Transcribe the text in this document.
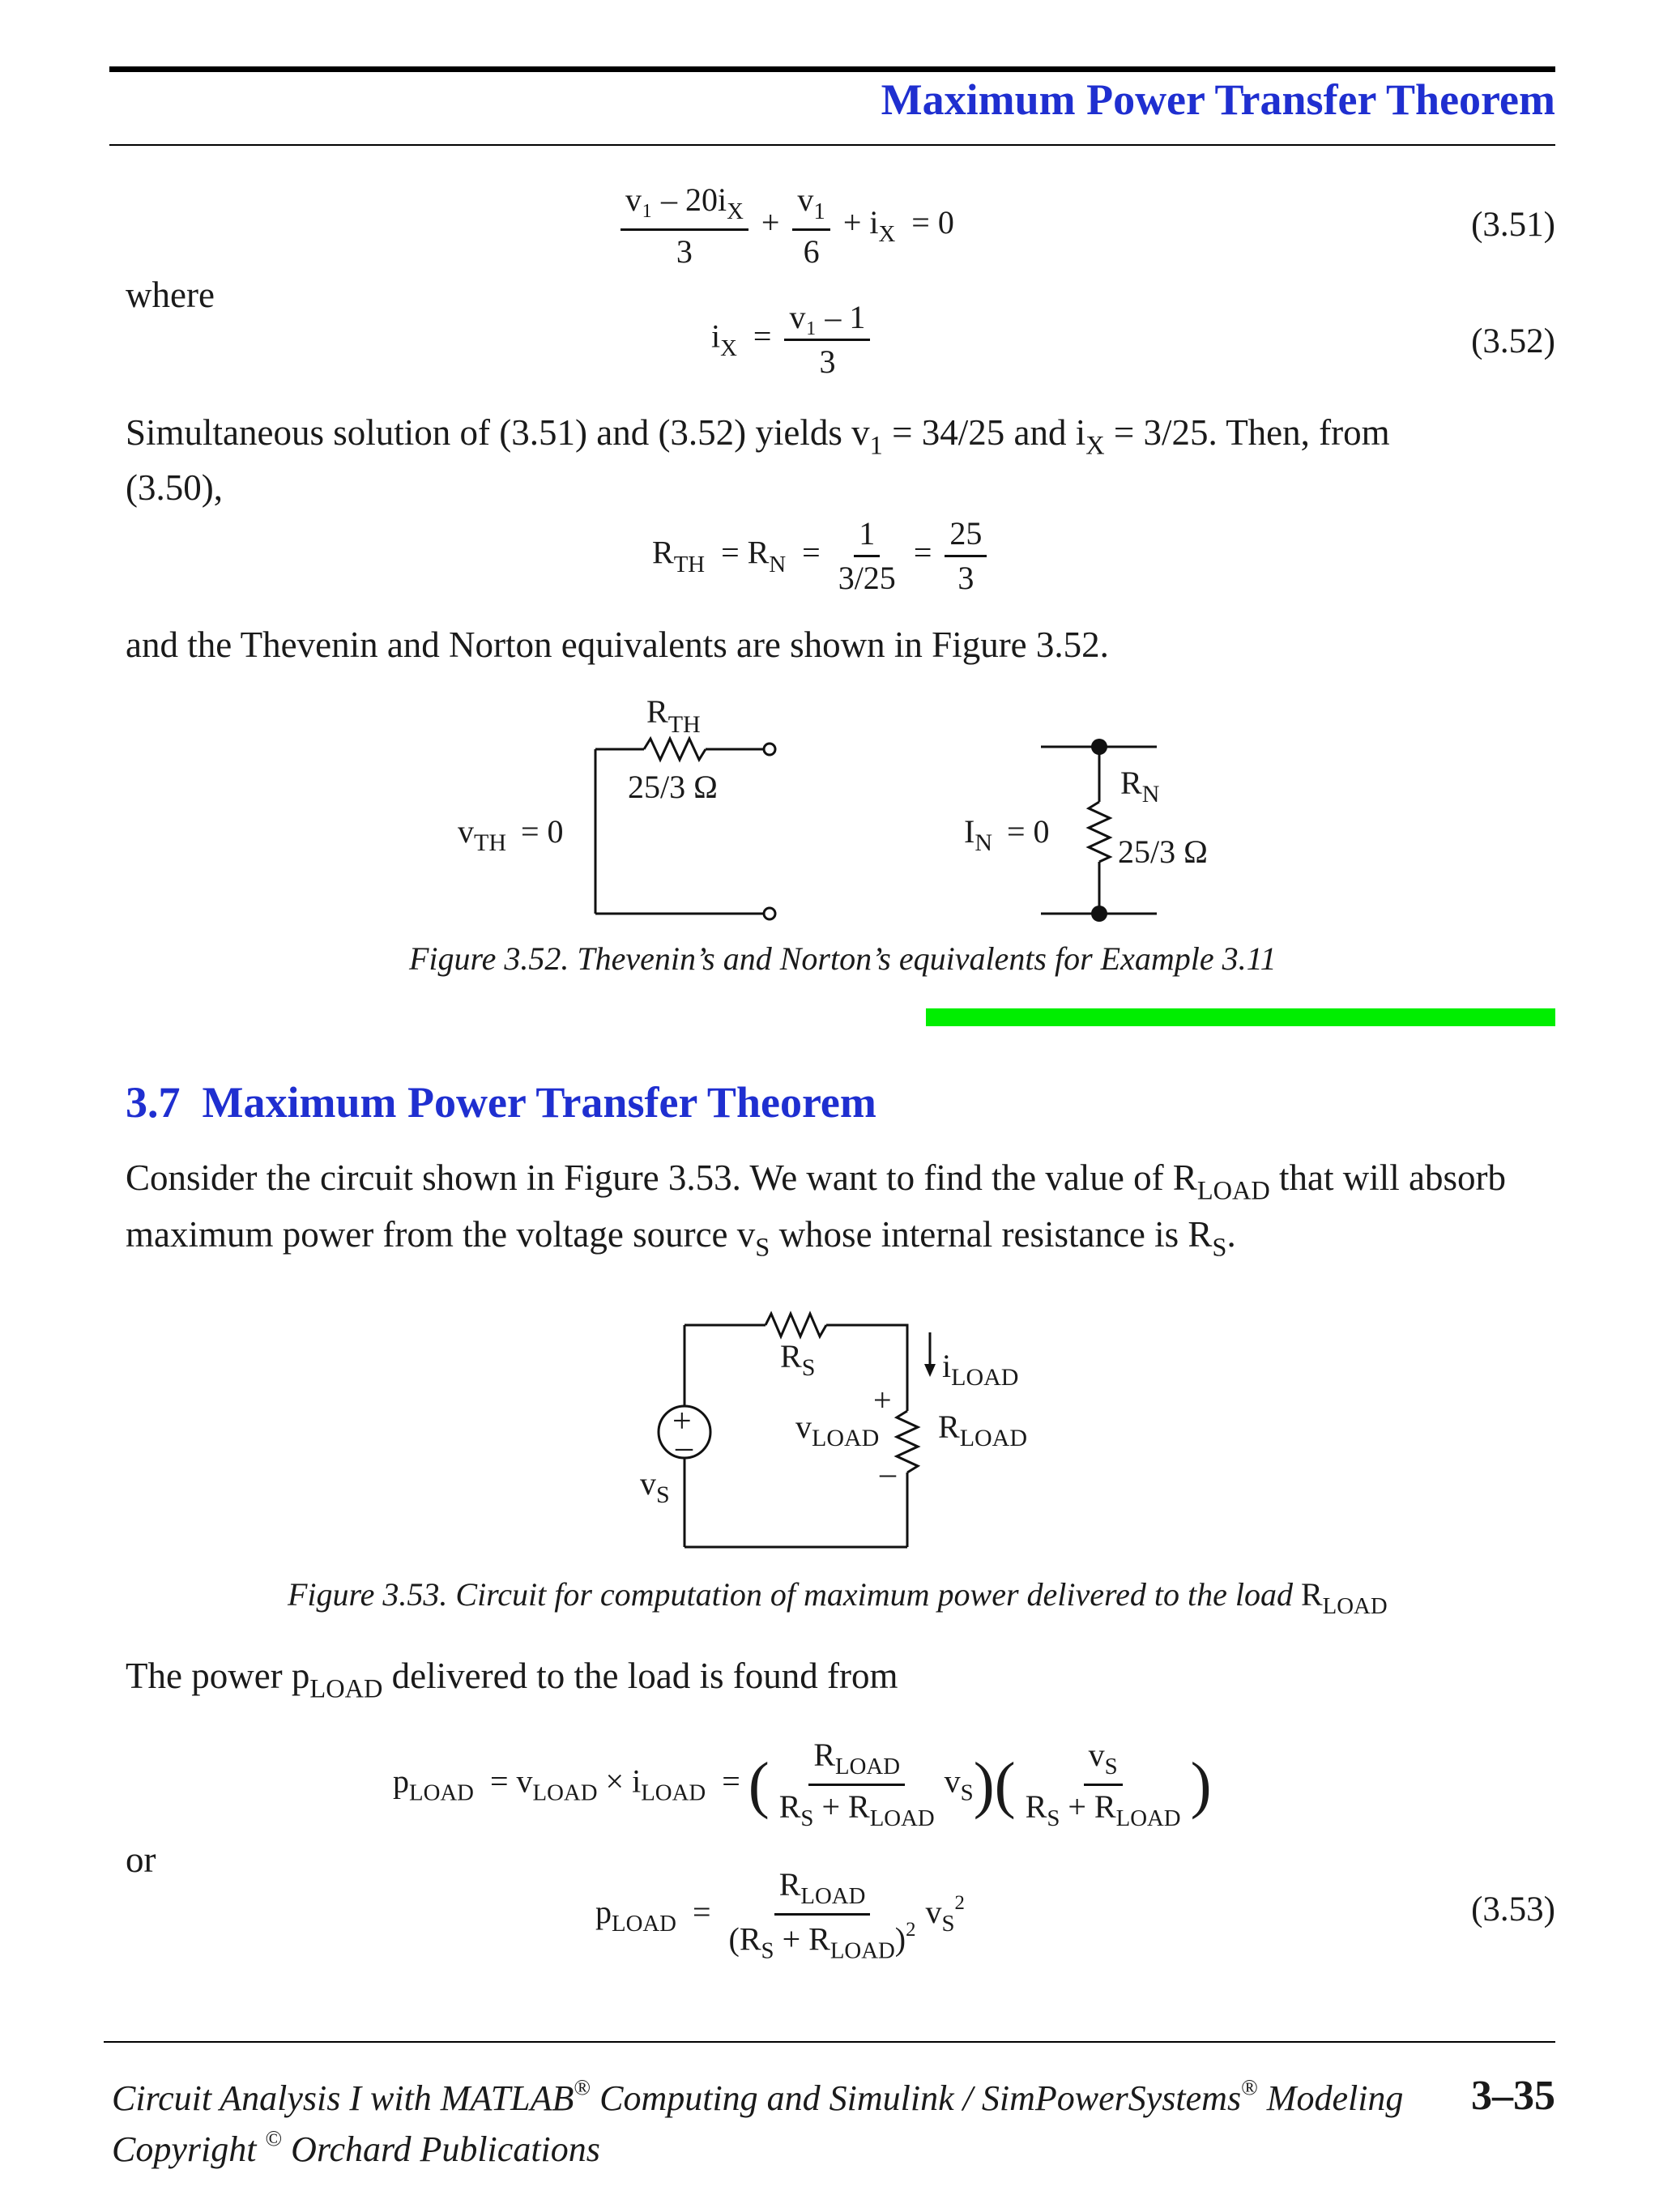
Maximum Power Transfer Theorem
$\frac{v_1 - 20i_X}{3} + \frac{v_1}{6} + i_X = 0$	(3.51)
where
$i_X = \frac{\text{v₁ – 1}}{3}$	(3.52)
Simultaneous solution of (3.51) and (3.52) yields $v_1 = 34/25$ and $i_X = 3/25$. Then, from
(3.50),
$R_{TH} = R_N = \frac{1}{3/25} = \frac{25}{3}$
and the Thevenin and Norton equivalents are shown in Figure 3.52.
$R_{TH}$
25/3 Ω
$v_{TH} = 0$	$I_N = 0$
$R_N$
25/3 Ω
Figure 3.52. Thevenin’s and Norton’s equivalents for Example 3.11
3.7 Maximum Power Transfer Theorem
Consider the circuit shown in Figure 3.53. We want to find the value of $R_{LOAD}$ that will absorb
maximum power from the voltage source $v_S$ whose internal resistance is $R_S$.
+
–
$R_S$	$i_{LOAD}$
+
$v_{LOAD}$
–
$R_{LOAD}$
$v_S$
Figure 3.53. Circuit for computation of maximum power delivered to the load $R_{LOAD}$
The power $p_{LOAD}$ delivered to the load is found from
$p_{LOAD} = v_{LOAD} \times i_{LOAD}$ = ( $\frac{R_{LOAD}}{R_S + R_{LOAD}} v_S)( \frac{v_S}{R_S + R_{LOAD}}$ )
or
$p_{LOAD} = \frac{R_{LOAD}}{(R_S + R_{LOAD})^2} v_S^2$	(3.53)
Circuit Analysis I with MATLAB® Computing and Simulink / SimPowerSystems® Modeling 3–35
Copyright © Orchard Publications
